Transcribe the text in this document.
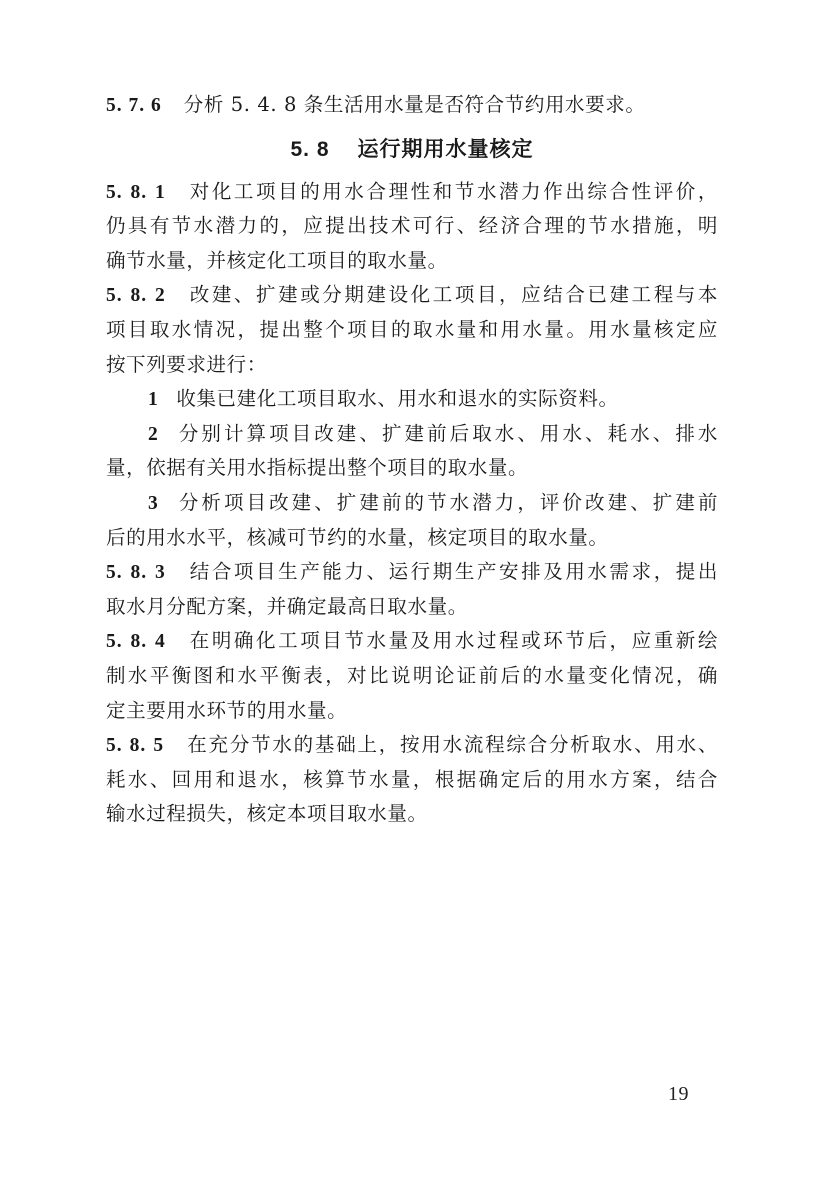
5. 7. 6 分析 5. 4. 8 条生活用水量是否符合节约用水要求。
5. 8 运行期用水量核定
5. 8. 1 对化工项目的用水合理性和节水潜力作出综合性评价，
仍具有节水潜力的，应提出技术可行、经济合理的节水措施，明
确节水量，并核定化工项目的取水量。
5. 8. 2 改建、扩建或分期建设化工项目，应结合已建工程与本
项目取水情况，提出整个项目的取水量和用水量。用水量核定应
按下列要求进行：
1 收集已建化工项目取水、用水和退水的实际资料。
2 分别计算项目改建、扩建前后取水、用水、耗水、排水
量，依据有关用水指标提出整个项目的取水量。
3 分析项目改建、扩建前的节水潜力，评价改建、扩建前
后的用水水平，核减可节约的水量，核定项目的取水量。
5. 8. 3 结合项目生产能力、运行期生产安排及用水需求，提出
取水月分配方案，并确定最高日取水量。
5. 8. 4 在明确化工项目节水量及用水过程或环节后，应重新绘
制水平衡图和水平衡表，对比说明论证前后的水量变化情况，确
定主要用水环节的用水量。
5. 8. 5 在充分节水的基础上，按用水流程综合分析取水、用水、
耗水、回用和退水，核算节水量，根据确定后的用水方案，结合
输水过程损失，核定本项目取水量。
19
